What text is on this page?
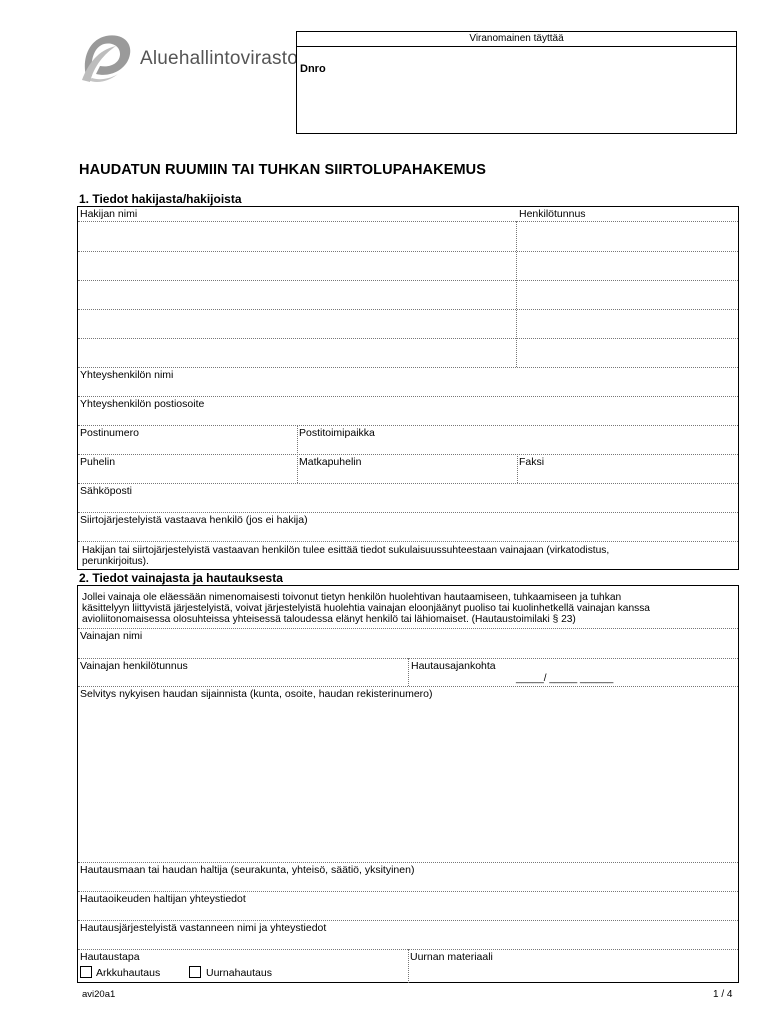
Aluehallintovirasto
Viranomainen täyttää
Dnro
HAUDATUN RUUMIIN TAI TUHKAN SIIRTOLUPAHAKEMUS
1. Tiedot hakijasta/hakijoista
Hakijan nimi	Henkilötunnus
Yhteyshenkilön nimi
Yhteyshenkilön postiosoite
Postinumero	Postitoimipaikka
Puhelin	Matkapuhelin	Faksi
Sähköposti
Siirtojärjestelyistä vastaava henkilö (jos ei hakija)
Hakijan tai siirtojärjestelyistä vastaavan henkilön tulee esittää tiedot sukulaisuussuhteestaan vainajaan (virkatodistus,
perunkirjoitus).
2. Tiedot vainajasta ja hautauksesta
Jollei vainaja ole eläessään nimenomaisesti toivonut tietyn henkilön huolehtivan hautaamiseen, tuhkaamiseen ja tuhkan
käsittelyyn liittyvistä järjestelyistä, voivat järjestelyistä huolehtia vainajan eloonjäänyt puoliso tai kuolinhetkellä vainajan kanssa
avioliitonomaisessa olosuhteissa yhteisessä taloudessa elänyt henkilö tai lähiomaiset. (Hautaustoimilaki § 23)
Vainajan nimi
Vainajan henkilötunnus	Hautausajankohta
_____/ _____ ______
Selvitys nykyisen haudan sijainnista (kunta, osoite, haudan rekisterinumero)
Hautausmaan tai haudan haltija (seurakunta, yhteisö, säätiö, yksityinen)
Hautaoikeuden haltijan yhteystiedot
Hautausjärjestelyistä vastanneen nimi ja yhteystiedot
Hautaustapa	Uurnan materiaali
Arkkuhautaus	Uurnahautaus
avi20a1	1 / 4
